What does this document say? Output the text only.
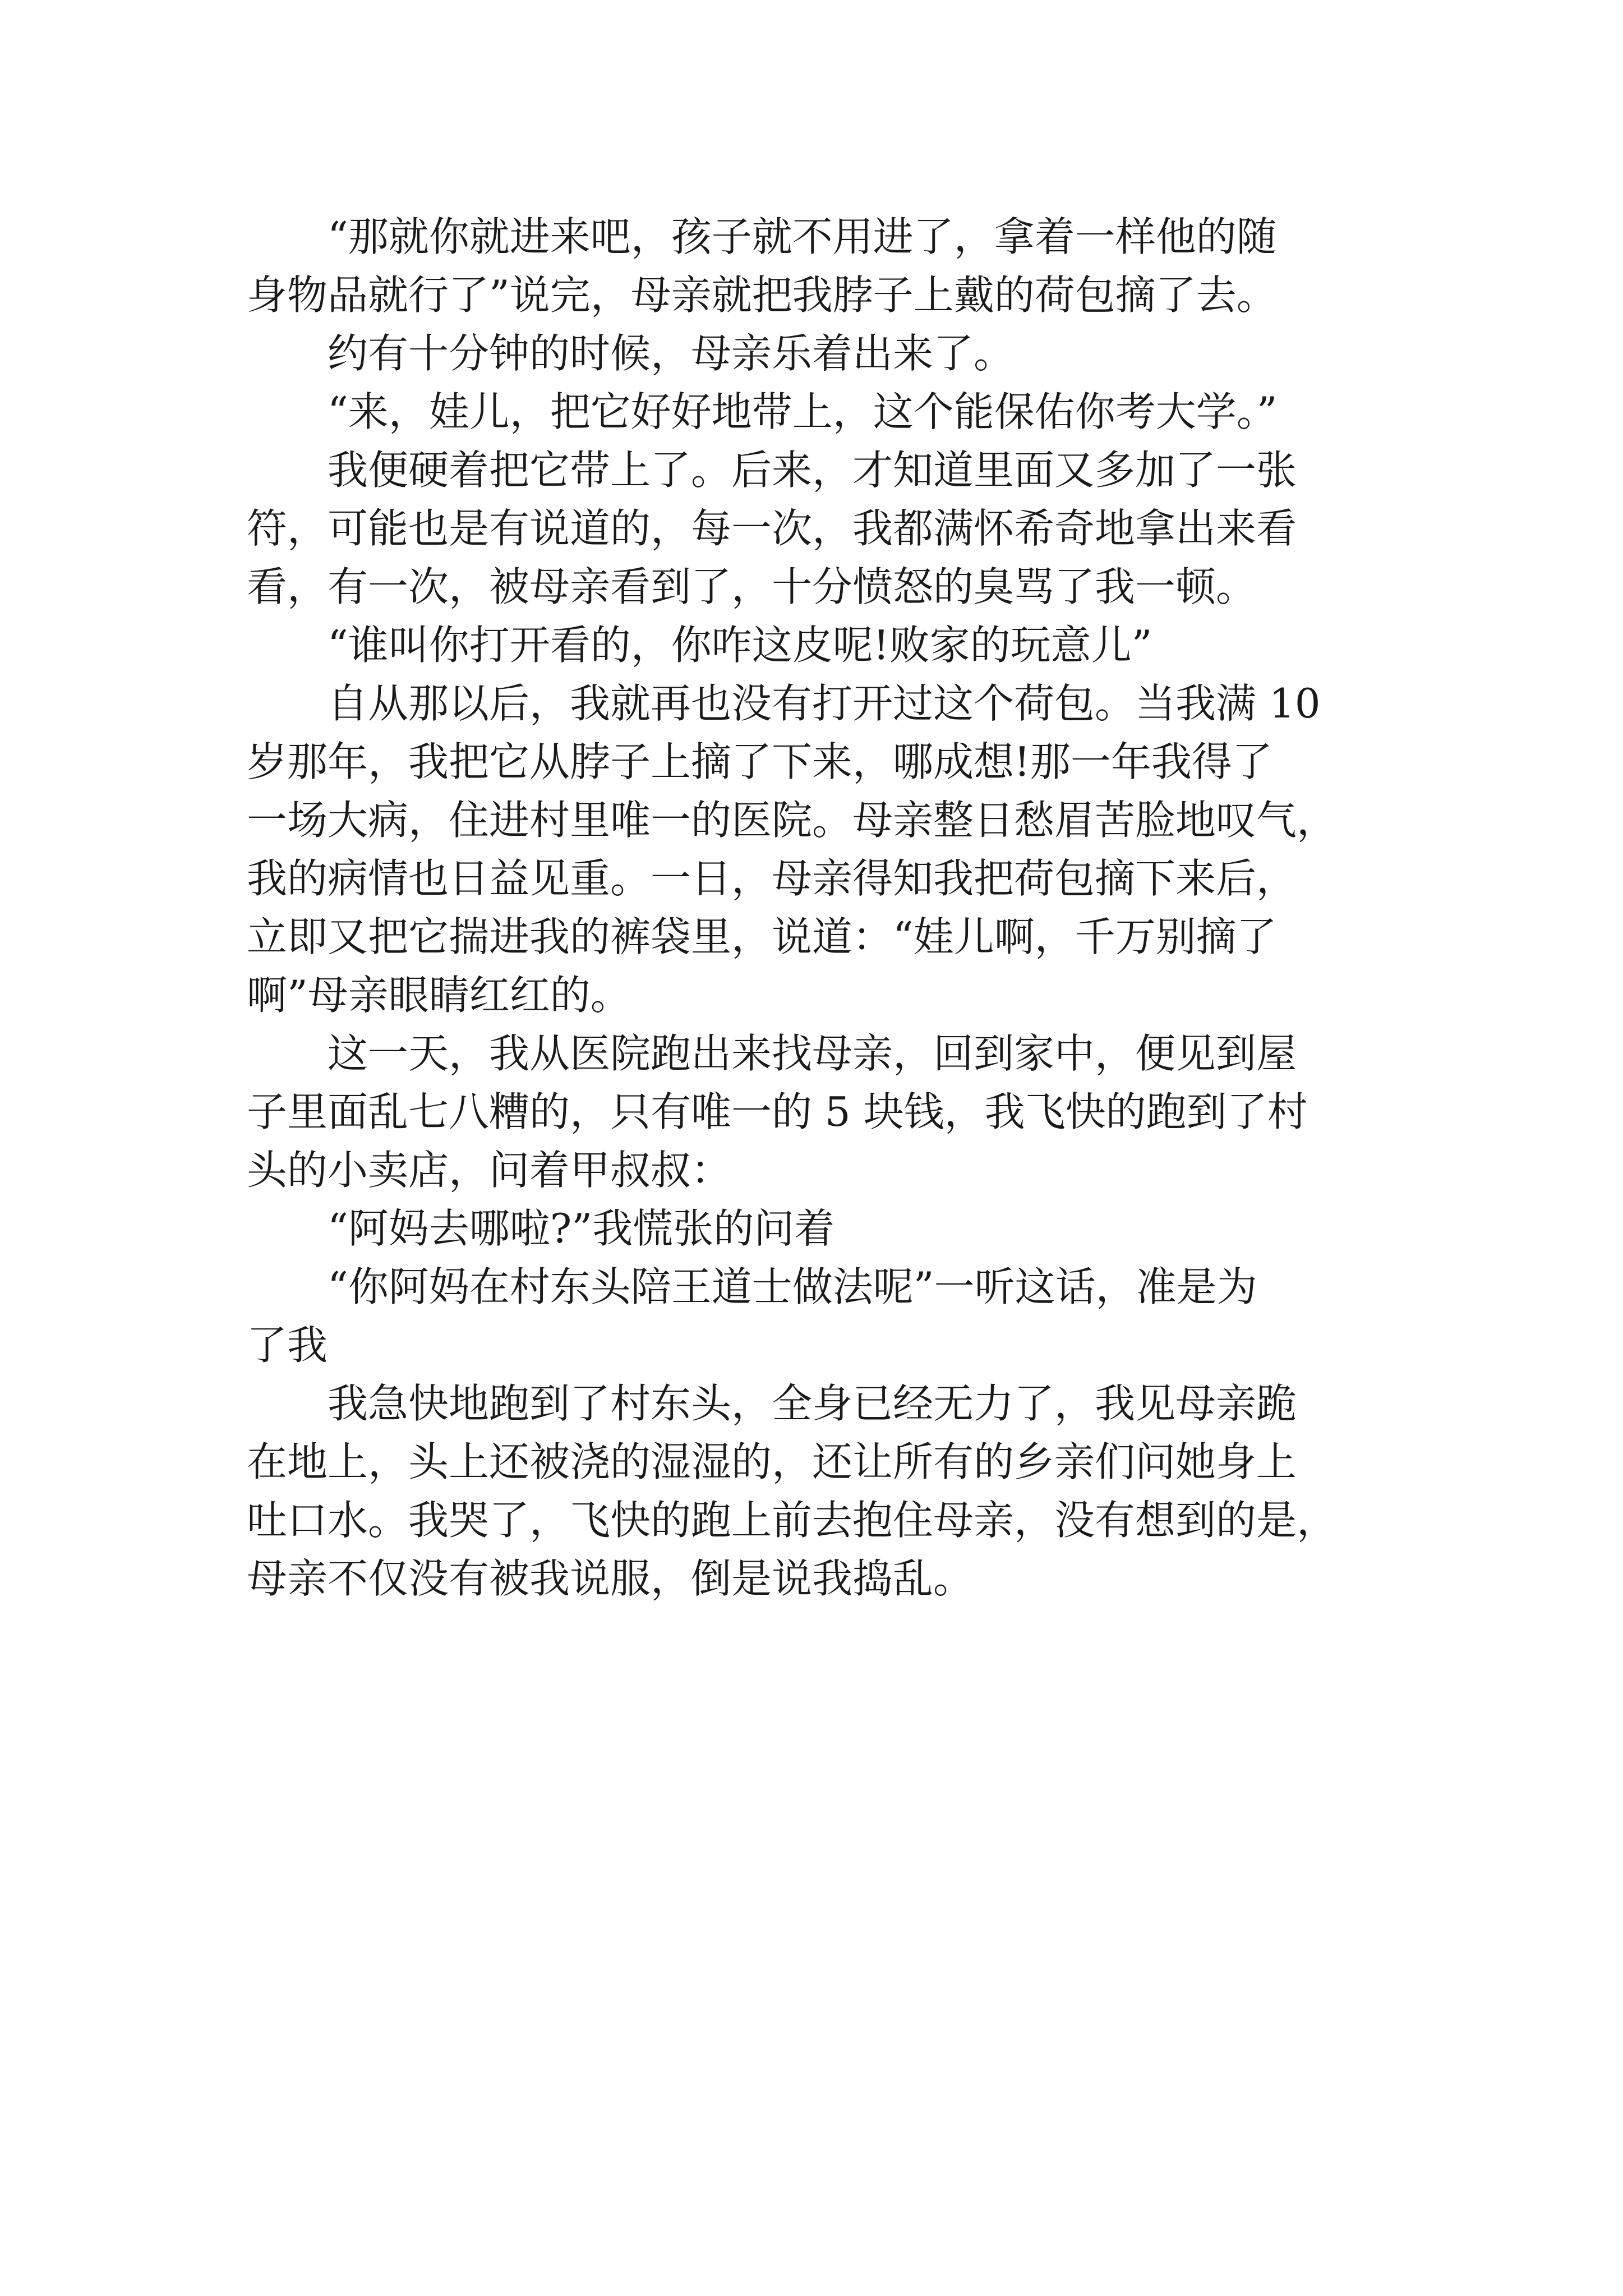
　　“那就你就进来吧，孩子就不用进了，拿着一样他的随
身物品就行了”说完，母亲就把我脖子上戴的荷包摘了去。
　　约有十分钟的时候，母亲乐着出来了。
　　“来，娃儿，把它好好地带上，这个能保佑你考大学。”
　　我便硬着把它带上了。后来，才知道里面又多加了一张
符，可能也是有说道的，每一次，我都满怀希奇地拿出来看
看，有一次，被母亲看到了，十分愤怒的臭骂了我一顿。
　　“谁叫你打开看的，你咋这皮呢!败家的玩意儿”
　　自从那以后，我就再也没有打开过这个荷包。当我满 10
岁那年，我把它从脖子上摘了下来，哪成想!那一年我得了
一场大病，住进村里唯一的医院。母亲整日愁眉苦脸地叹气，
我的病情也日益见重。一日，母亲得知我把荷包摘下来后，
立即又把它揣进我的裤袋里，说道：“娃儿啊，千万别摘了
啊”母亲眼睛红红的。
　　这一天，我从医院跑出来找母亲，回到家中，便见到屋
子里面乱七八糟的，只有唯一的 5 块钱，我飞快的跑到了村
头的小卖店，问着甲叔叔：
　　“阿妈去哪啦?”我慌张的问着
　　“你阿妈在村东头陪王道士做法呢”一听这话，准是为
了我
　　我急快地跑到了村东头，全身已经无力了，我见母亲跪
在地上，头上还被浇的湿湿的，还让所有的乡亲们问她身上
吐口水。我哭了，飞快的跑上前去抱住母亲，没有想到的是，
母亲不仅没有被我说服，倒是说我捣乱。
